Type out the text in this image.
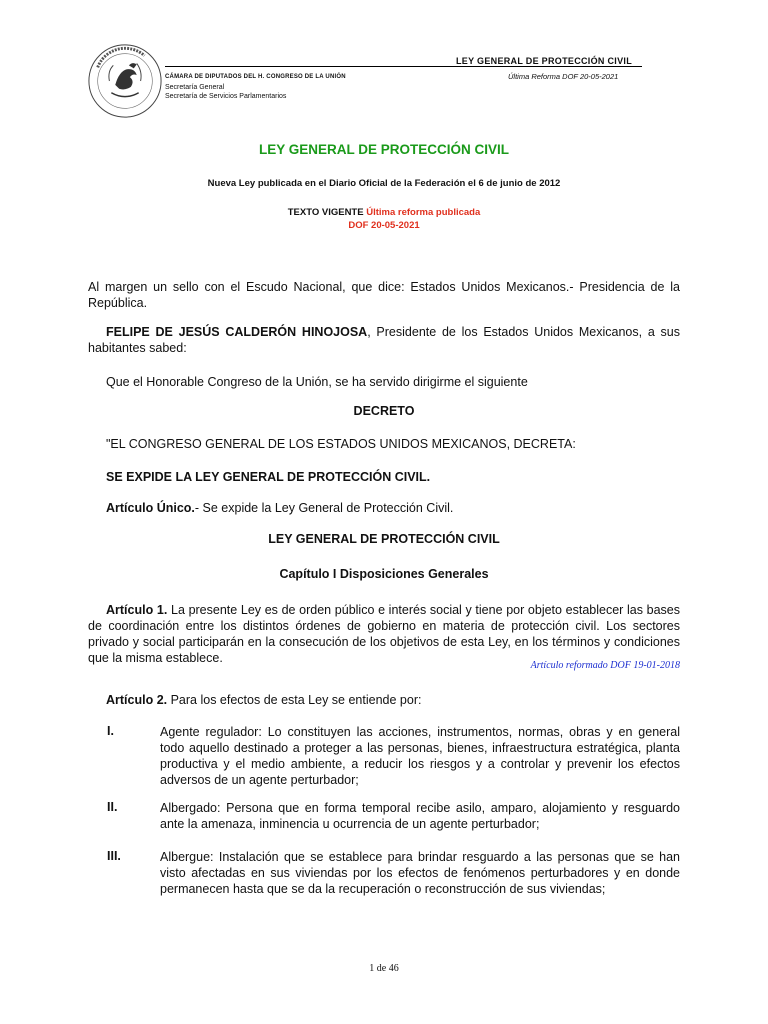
LEY GENERAL DE PROTECCIÓN CIVIL
Última Reforma DOF 20-05-2021
CÁMARA DE DIPUTADOS DEL H. CONGRESO DE LA UNIÓN
Secretaría General
Secretaría de Servicios Parlamentarios
LEY GENERAL DE PROTECCIÓN CIVIL
Nueva Ley publicada en el Diario Oficial de la Federación el 6 de junio de 2012
TEXTO VIGENTE Última reforma publicada
DOF 20-05-2021
Al margen un sello con el Escudo Nacional, que dice: Estados Unidos Mexicanos.- Presidencia de la República.
FELIPE DE JESÚS CALDERÓN HINOJOSA, Presidente de los Estados Unidos Mexicanos, a sus habitantes sabed:
Que el Honorable Congreso de la Unión, se ha servido dirigirme el siguiente
DECRETO
"EL CONGRESO GENERAL DE LOS ESTADOS UNIDOS MEXICANOS, DECRETA:
SE EXPIDE LA LEY GENERAL DE PROTECCIÓN CIVIL.
Artículo Único.- Se expide la Ley General de Protección Civil.
LEY GENERAL DE PROTECCIÓN CIVIL
Capítulo I Disposiciones Generales
Artículo 1. La presente Ley es de orden público e interés social y tiene por objeto establecer las bases de coordinación entre los distintos órdenes de gobierno en materia de protección civil. Los sectores privado y social participarán en la consecución de los objetivos de esta Ley, en los términos y condiciones que la misma establece.
Artículo reformado DOF 19-01-2018
Artículo 2. Para los efectos de esta Ley se entiende por:
I.	Agente regulador: Lo constituyen las acciones, instrumentos, normas, obras y en general todo aquello destinado a proteger a las personas, bienes, infraestructura estratégica, planta productiva y el medio ambiente, a reducir los riesgos y a controlar y prevenir los efectos adversos de un agente perturbador;
II.	Albergado: Persona que en forma temporal recibe asilo, amparo, alojamiento y resguardo ante la amenaza, inminencia u ocurrencia de un agente perturbador;
III.	Albergue: Instalación que se establece para brindar resguardo a las personas que se han visto afectadas en sus viviendas por los efectos de fenómenos perturbadores y en donde permanecen hasta que se da la recuperación o reconstrucción de sus viviendas;
1 de 46
